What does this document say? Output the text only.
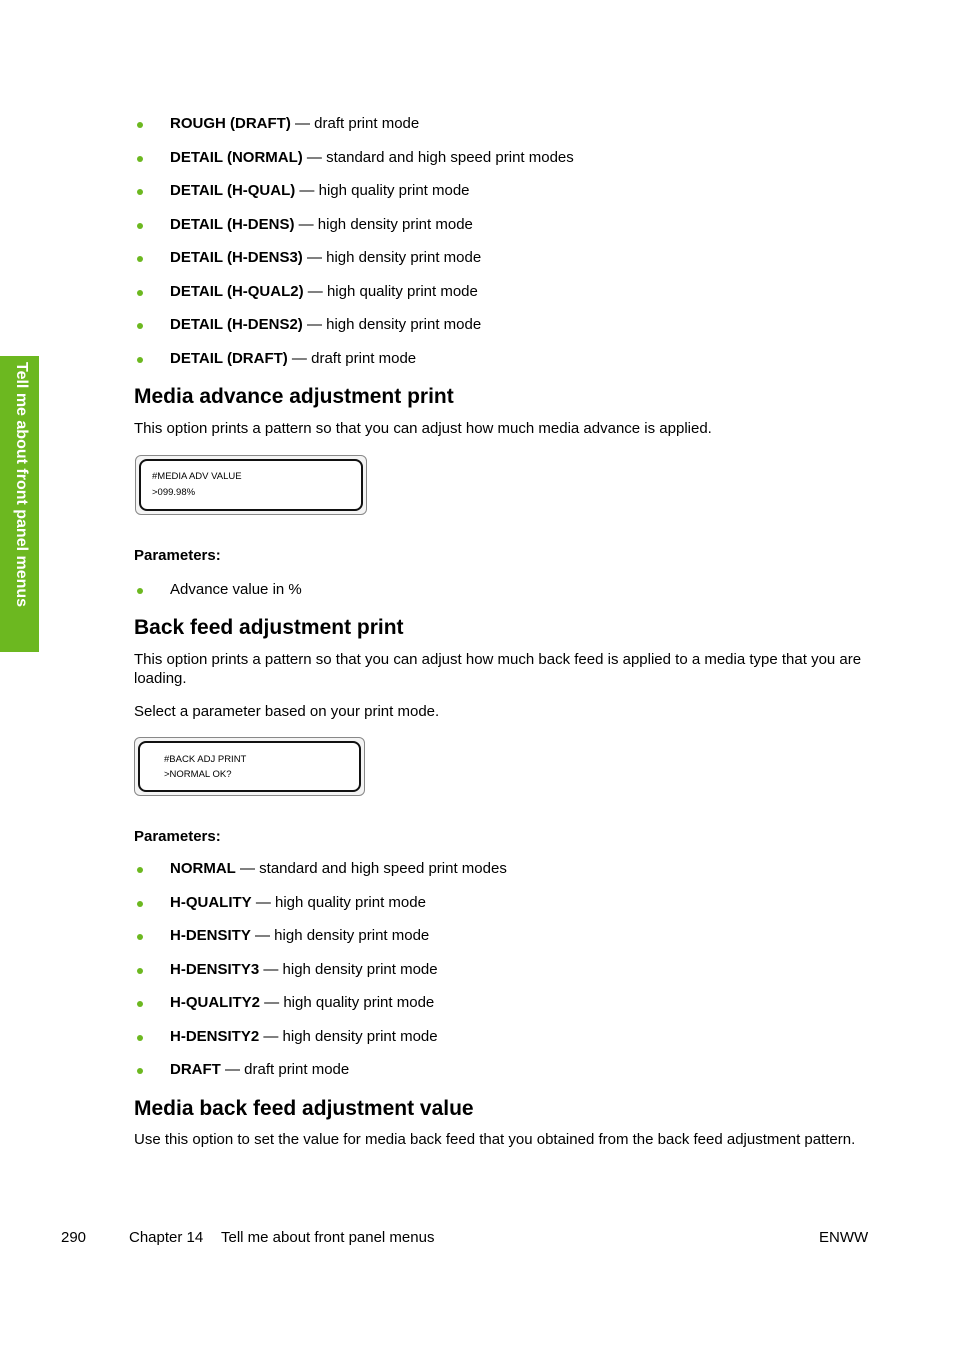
Tell me about front panel menus
ROUGH (DRAFT) — draft print mode
DETAIL (NORMAL) — standard and high speed print modes
DETAIL (H-QUAL) — high quality print mode
DETAIL (H-DENS) — high density print mode
DETAIL (H-DENS3) — high density print mode
DETAIL (H-QUAL2) — high quality print mode
DETAIL (H-DENS2) — high density print mode
DETAIL (DRAFT) — draft print mode
Media advance adjustment print

This option prints a pattern so that you can adjust how much media advance is applied.

#MEDIA ADV VALUE
>099.98%

Parameters:

Advance value in %
Back feed adjustment print

This option prints a pattern so that you can adjust how much back feed is applied to a media type that you are loading.

Select a parameter based on your print mode.

#BACK ADJ PRINT
>NORMAL OK?

Parameters:

NORMAL — standard and high speed print modes
H-QUALITY — high quality print mode
H-DENSITY — high density print mode
H-DENSITY3 — high density print mode
H-QUALITY2 — high quality print mode
H-DENSITY2 — high density print mode
DRAFT — draft print mode
Media back feed adjustment value

Use this option to set the value for media back feed that you obtained from the back feed adjustment pattern.

290	Chapter 14 Tell me about front panel menus	ENWW
